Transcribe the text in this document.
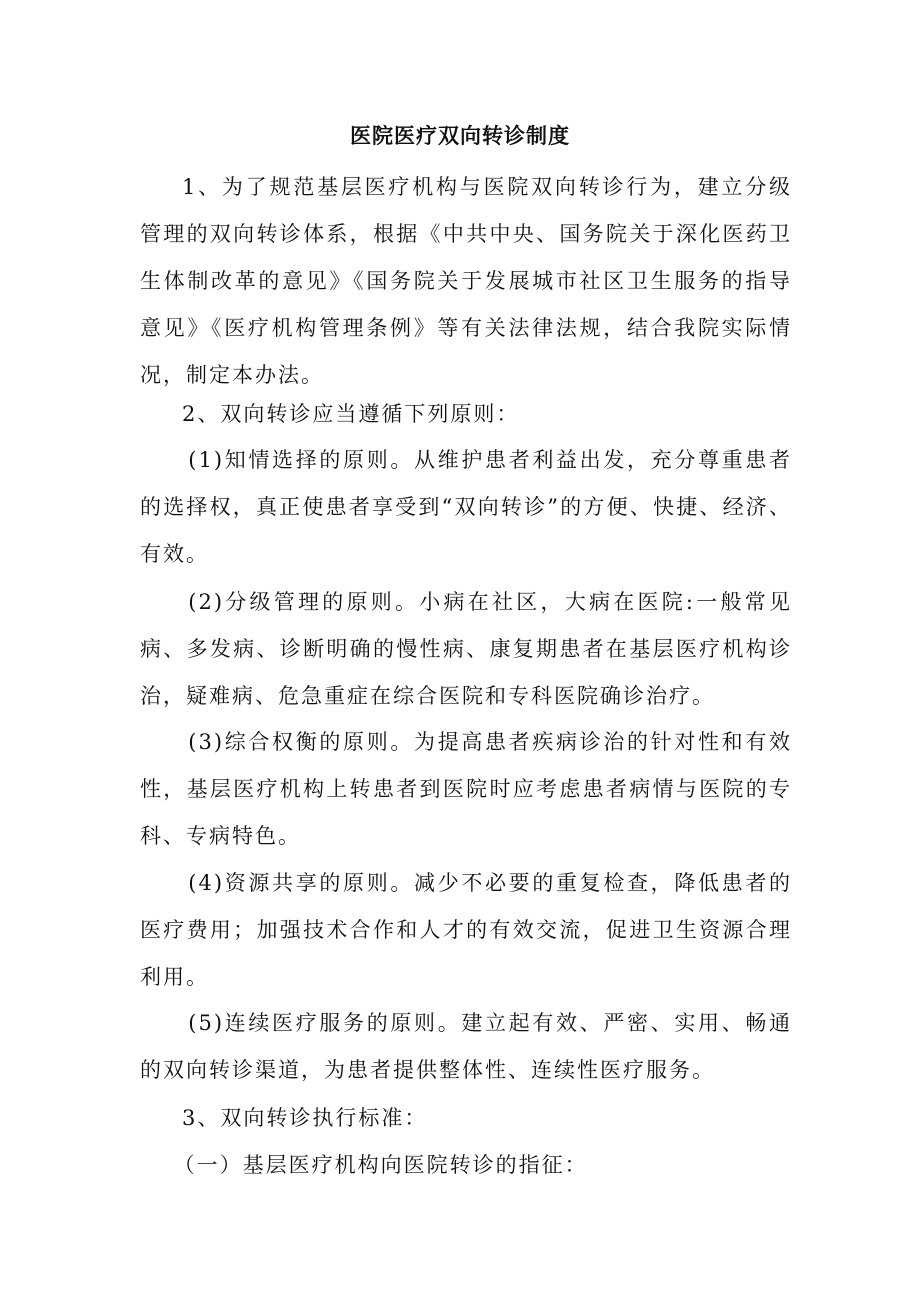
医院医疗双向转诊制度

1、为了规范基层医疗机构与医院双向转诊行为，建立分级管理的双向转诊体系，根据《中共中央、国务院关于深化医药卫生体制改革的意见》《国务院关于发展城市社区卫生服务的指导意见》《医疗机构管理条例》等有关法律法规，结合我院实际情况，制定本办法。

2、双向转诊应当遵循下列原则：

(1)知情选择的原则。从维护患者利益出发，充分尊重患者的选择权，真正使患者享受到“双向转诊”的方便、快捷、经济、有效。

(2)分级管理的原则。小病在社区，大病在医院:一般常见病、多发病、诊断明确的慢性病、康复期患者在基层医疗机构诊治，疑难病、危急重症在综合医院和专科医院确诊治疗。

(3)综合权衡的原则。为提高患者疾病诊治的针对性和有效性，基层医疗机构上转患者到医院时应考虑患者病情与医院的专科、专病特色。

(4)资源共享的原则。减少不必要的重复检查，降低患者的医疗费用；加强技术合作和人才的有效交流，促进卫生资源合理利用。

(5)连续医疗服务的原则。建立起有效、严密、实用、畅通的双向转诊渠道，为患者提供整体性、连续性医疗服务。

3、双向转诊执行标准：

（一）基层医疗机构向医院转诊的指征：
